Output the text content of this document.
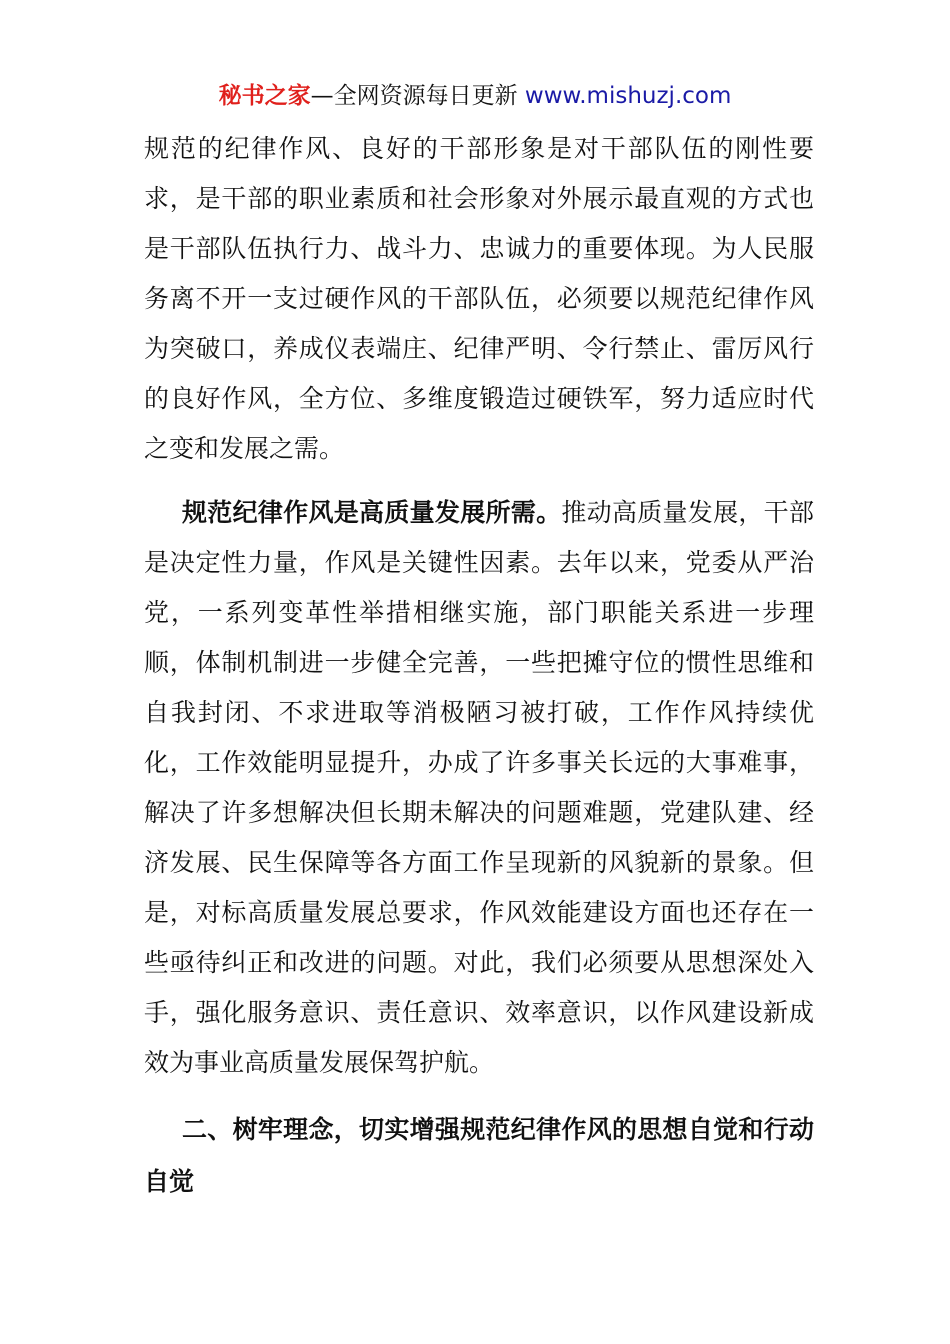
秘书之家—全网资源每日更新 www.mishuzj.com

规范的纪律作风、良好的干部形象是对干部队伍的刚性要求，是干部的职业素质和社会形象对外展示最直观的方式也是干部队伍执行力、战斗力、忠诚力的重要体现。为人民服务离不开一支过硬作风的干部队伍，必须要以规范纪律作风为突破口，养成仪表端庄、纪律严明、令行禁止、雷厉风行的良好作风，全方位、多维度锻造过硬铁军，努力适应时代之变和发展之需。

规范纪律作风是高质量发展所需。推动高质量发展，干部是决定性力量，作风是关键性因素。去年以来，党委从严治党，一系列变革性举措相继实施，部门职能关系进一步理顺，体制机制进一步健全完善，一些把摊守位的惯性思维和自我封闭、不求进取等消极陋习被打破，工作作风持续优化，工作效能明显提升，办成了许多事关长远的大事难事，解决了许多想解决但长期未解决的问题难题，党建队建、经济发展、民生保障等各方面工作呈现新的风貌新的景象。但是，对标高质量发展总要求，作风效能建设方面也还存在一些亟待纠正和改进的问题。对此，我们必须要从思想深处入手，强化服务意识、责任意识、效率意识，以作风建设新成效为事业高质量发展保驾护航。

二、树牢理念，切实增强规范纪律作风的思想自觉和行动自觉
